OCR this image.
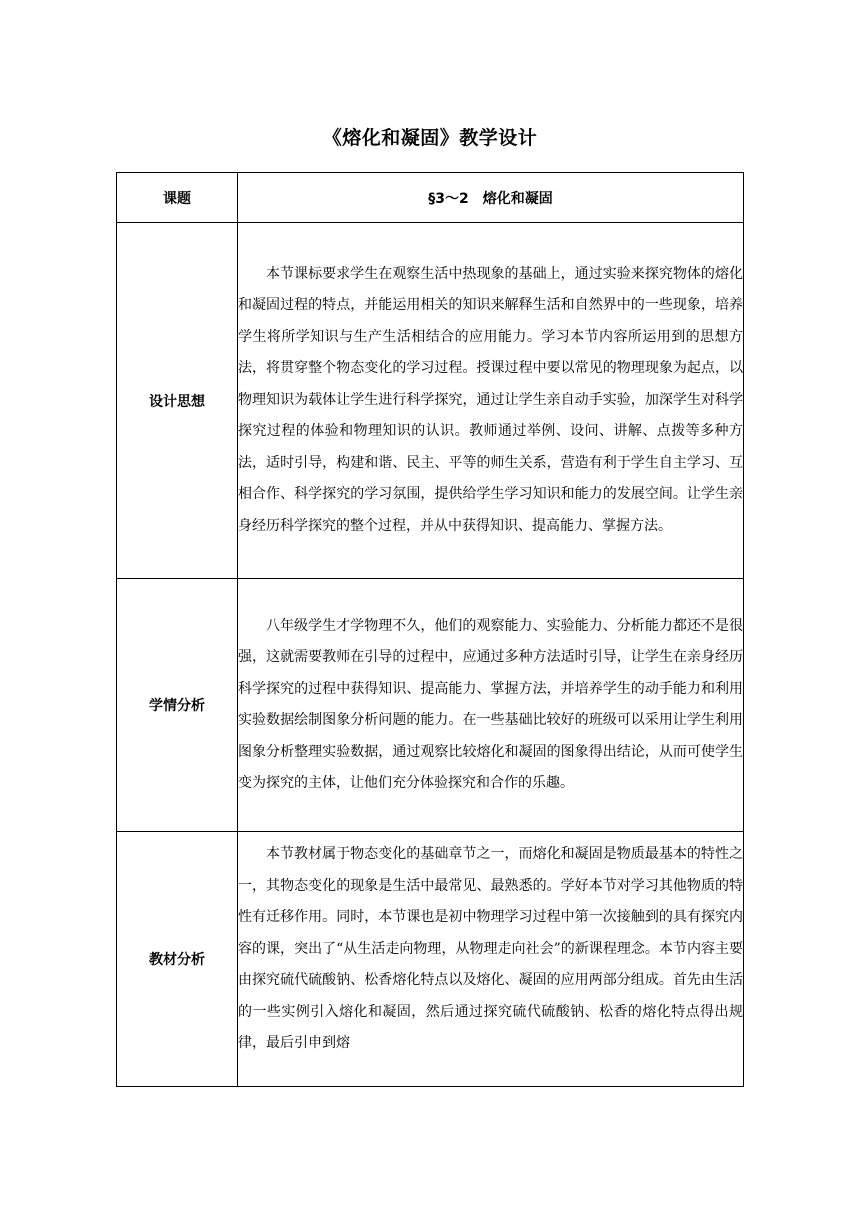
《熔化和凝固》教学设计
课题	§3～2　熔化和凝固
设计思想	本节课标要求学生在观察生活中热现象的基础上，通过实验来探究物体的熔化和凝固过程的特点，并能运用相关的知识来解释生活和自然界中的一些现象，培养学生将所学知识与生产生活相结合的应用能力。学习本节内容所运用到的思想方法，将贯穿整个物态变化的学习过程。授课过程中要以常见的物理现象为起点，以物理知识为载体让学生进行科学探究，通过让学生亲自动手实验，加深学生对科学探究过程的体验和物理知识的认识。教师通过举例、设问、讲解、点拨等多种方法，适时引导，构建和谐、民主、平等的师生关系，营造有利于学生自主学习、互相合作、科学探究的学习氛围，提供给学生学习知识和能力的发展空间。让学生亲身经历科学探究的整个过程，并从中获得知识、提高能力、掌握方法。

学情分析	八年级学生才学物理不久，他们的观察能力、实验能力、分析能力都还不是很强，这就需要教师在引导的过程中，应通过多种方法适时引导，让学生在亲身经历科学探究的过程中获得知识、提高能力、掌握方法，并培养学生的动手能力和利用实验数据绘制图象分析问题的能力。在一些基础比较好的班级可以采用让学生利用图象分析整理实验数据，通过观察比较熔化和凝固的图象得出结论，从而可使学生变为探究的主体，让他们充分体验探究和合作的乐趣。

教材分析	本节教材属于物态变化的基础章节之一，而熔化和凝固是物质最基本的特性之一，其物态变化的现象是生活中最常见、最熟悉的。学好本节对学习其他物质的特性有迁移作用。同时，本节课也是初中物理学习过程中第一次接触到的具有探究内容的课，突出了“从生活走向物理，从物理走向社会”的新课程理念。本节内容主要由探究硫代硫酸钠、松香熔化特点以及熔化、凝固的应用两部分组成。首先由生活的一些实例引入熔化和凝固，然后通过探究硫代硫酸钠、松香的熔化特点得出规律，最后引申到熔
